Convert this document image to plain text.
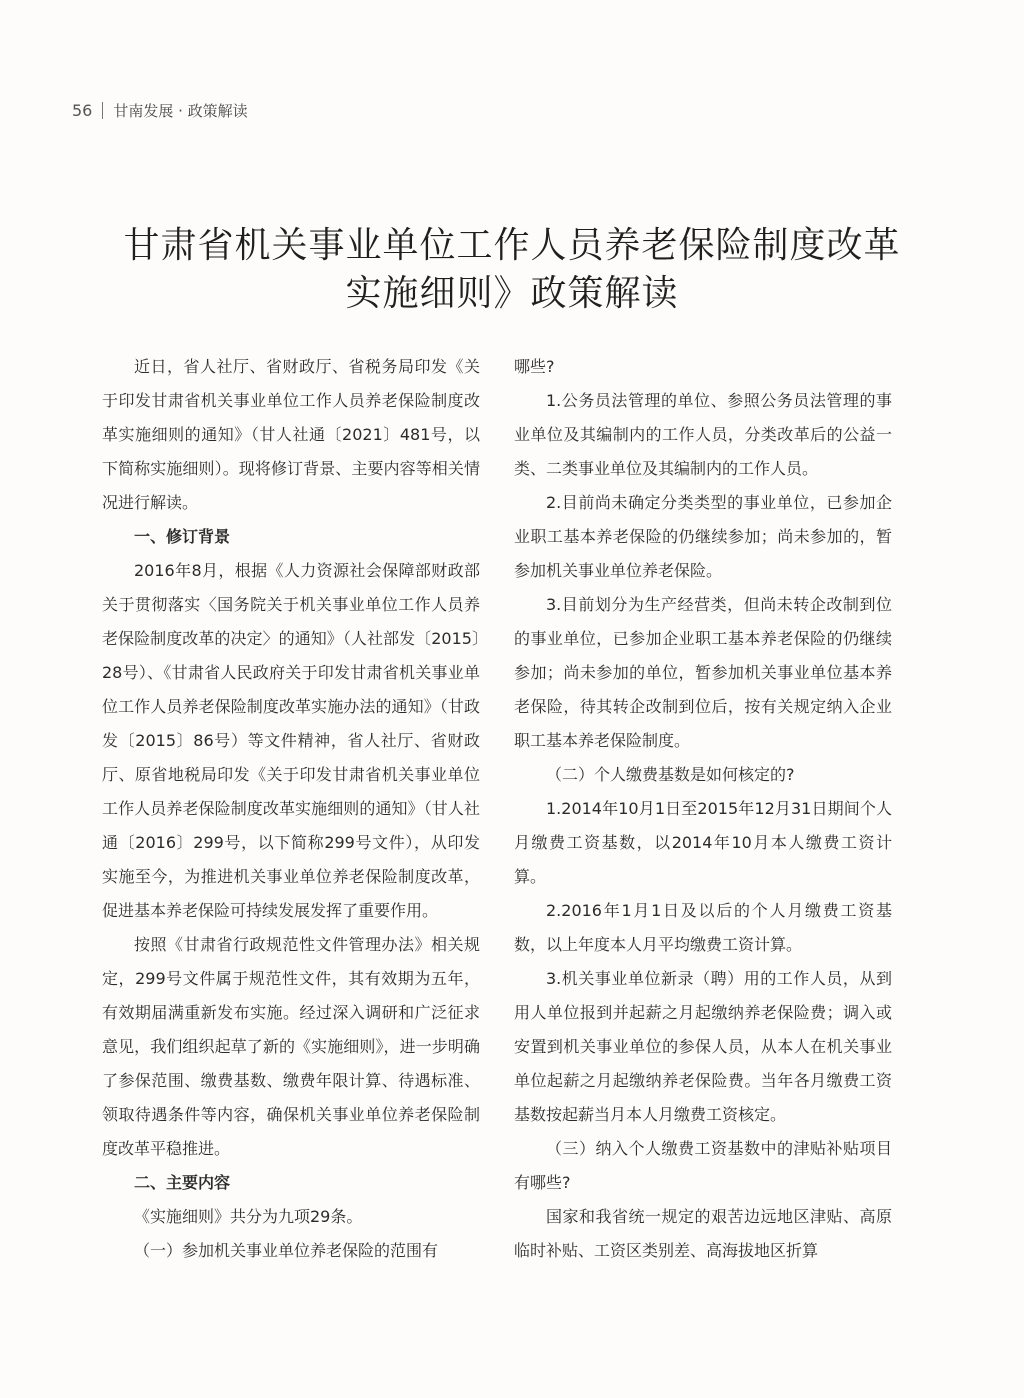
56 甘南发展 · 政策解读
甘肃省机关事业单位工作人员养老保险制度改革
实施细则》政策解读

近日，省人社厅、省财政厅、省税务局印发《关于印发甘肃省机关事业单位工作人员养老保险制度改革实施细则的通知》（甘人社通〔2021〕481号，以下简称实施细则）。现将修订背景、主要内容等相关情况进行解读。

一、修订背景

2016年8月，根据《人力资源社会保障部财政部关于贯彻落实〈国务院关于机关事业单位工作人员养老保险制度改革的决定〉的通知》（人社部发〔2015〕28号）、《甘肃省人民政府关于印发甘肃省机关事业单位工作人员养老保险制度改革实施办法的通知》（甘政发〔2015〕86号）等文件精神，省人社厅、省财政厅、原省地税局印发《关于印发甘肃省机关事业单位工作人员养老保险制度改革实施细则的通知》（甘人社通〔2016〕299号，以下简称299号文件），从印发实施至今，为推进机关事业单位养老保险制度改革，促进基本养老保险可持续发展发挥了重要作用。

按照《甘肃省行政规范性文件管理办法》相关规定，299号文件属于规范性文件，其有效期为五年，有效期届满重新发布实施。经过深入调研和广泛征求意见，我们组织起草了新的《实施细则》，进一步明确了参保范围、缴费基数、缴费年限计算、待遇标准、领取待遇条件等内容，确保机关事业单位养老保险制度改革平稳推进。

二、主要内容

《实施细则》共分为九项29条。

（一）参加机关事业单位养老保险的范围有

哪些?

1.公务员法管理的单位、参照公务员法管理的事业单位及其编制内的工作人员，分类改革后的公益一类、二类事业单位及其编制内的工作人员。

2.目前尚未确定分类类型的事业单位，已参加企业职工基本养老保险的仍继续参加；尚未参加的，暂参加机关事业单位养老保险。

3.目前划分为生产经营类，但尚未转企改制到位的事业单位，已参加企业职工基本养老保险的仍继续参加；尚未参加的单位，暂参加机关事业单位基本养老保险，待其转企改制到位后，按有关规定纳入企业职工基本养老保险制度。

（二）个人缴费基数是如何核定的?

1.2014年10月1日至2015年12月31日期间个人月缴费工资基数，以2014年10月本人缴费工资计算。

2.2016年1月1日及以后的个人月缴费工资基数，以上年度本人月平均缴费工资计算。

3.机关事业单位新录（聘）用的工作人员，从到用人单位报到并起薪之月起缴纳养老保险费；调入或安置到机关事业单位的参保人员，从本人在机关事业单位起薪之月起缴纳养老保险费。当年各月缴费工资基数按起薪当月本人月缴费工资核定。

（三）纳入个人缴费工资基数中的津贴补贴项目有哪些?

国家和我省统一规定的艰苦边远地区津贴、高原临时补贴、工资区类别差、高海拔地区折算
